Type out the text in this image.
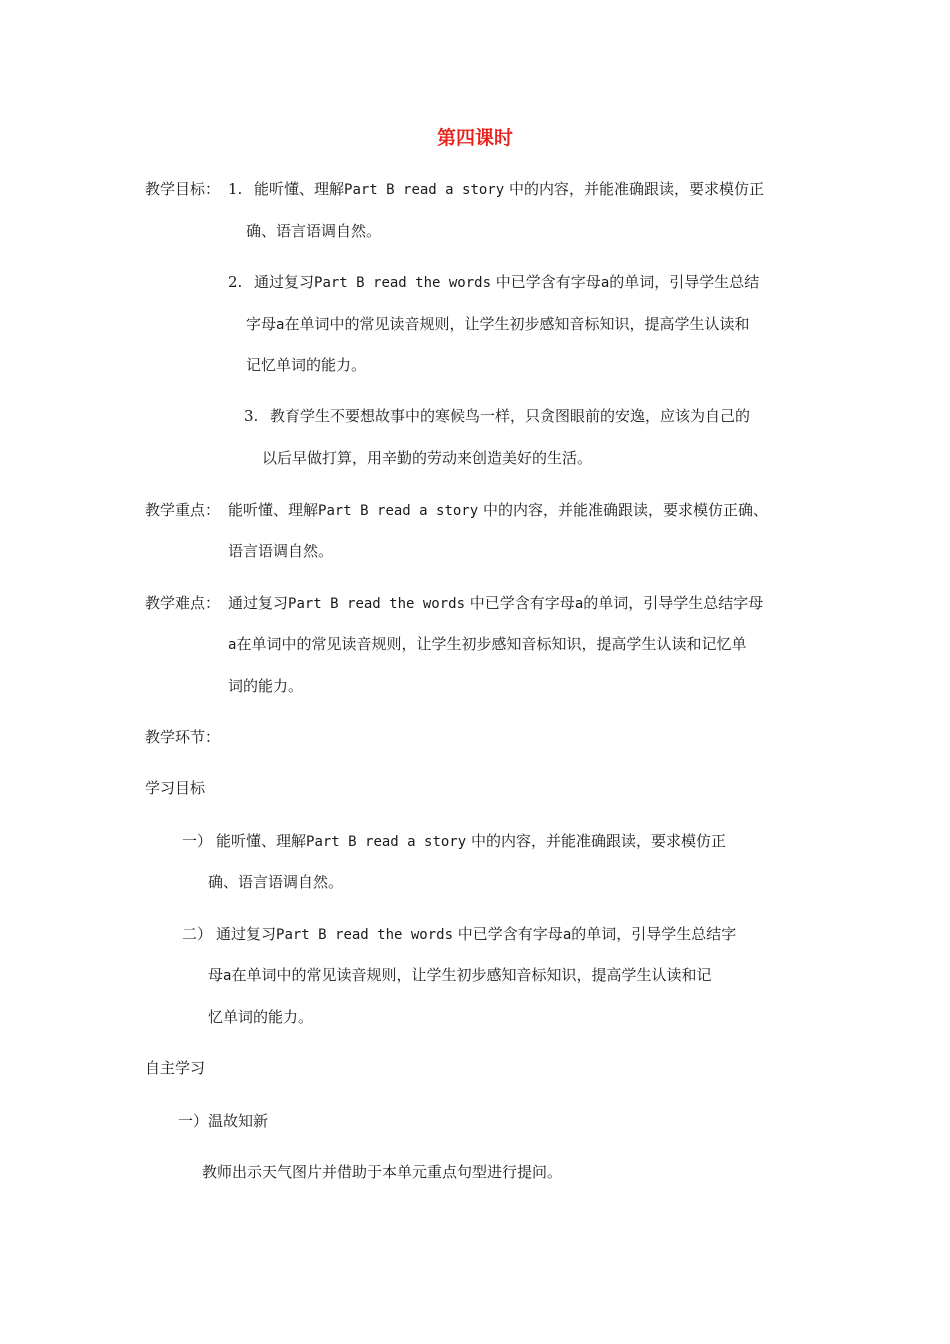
第四课时
教学目标： 1. 能听懂、理解Part B read a story 中的内容，并能准确跟读，要求模仿正
确、语言语调自然。
2. 通过复习Part B read the words 中已学含有字母a的单词，引导学生总结
字母a在单词中的常见读音规则，让学生初步感知音标知识，提高学生认读和
记忆单词的能力。
3. 教育学生不要想故事中的寒候鸟一样，只贪图眼前的安逸，应该为自己的
以后早做打算，用辛勤的劳动来创造美好的生活。
教学重点： 能听懂、理解Part B read a story 中的内容，并能准确跟读，要求模仿正确、
语言语调自然。
教学难点： 通过复习Part B read the words 中已学含有字母a的单词，引导学生总结字母
a在单词中的常见读音规则，让学生初步感知音标知识，提高学生认读和记忆单
词的能力。
教学环节：
学习目标
一） 能听懂、理解Part B read a story 中的内容，并能准确跟读，要求模仿正
确、语言语调自然。
二） 通过复习Part B read the words 中已学含有字母a的单词，引导学生总结字
母a在单词中的常见读音规则，让学生初步感知音标知识，提高学生认读和记
忆单词的能力。
自主学习
一）温故知新
教师出示天气图片并借助于本单元重点句型进行提问。
